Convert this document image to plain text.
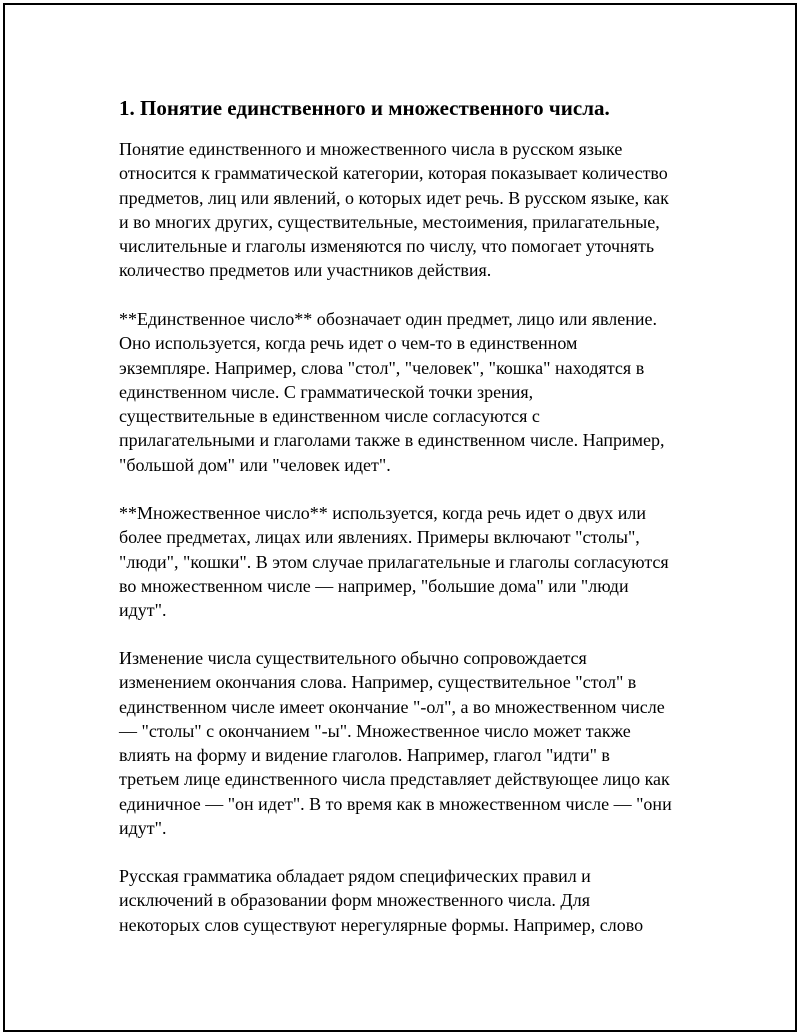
1. Понятие единственного и множественного числа.
Понятие единственного и множественного числа в русском языке
относится к грамматической категории, которая показывает количество
предметов, лиц или явлений, о которых идет речь. В русском языке, как
и во многих других, существительные, местоимения, прилагательные,
числительные и глаголы изменяются по числу, что помогает уточнять
количество предметов или участников действия.
**Единственное число** обозначает один предмет, лицо или явление.
Оно используется, когда речь идет о чем-то в единственном
экземпляре. Например, слова "стол", "человек", "кошка" находятся в
единственном числе. С грамматической точки зрения,
существительные в единственном числе согласуются с
прилагательными и глаголами также в единственном числе. Например,
"большой дом" или "человек идет".
**Множественное число** используется, когда речь идет о двух или
более предметах, лицах или явлениях. Примеры включают "столы",
"люди", "кошки". В этом случае прилагательные и глаголы согласуются
во множественном числе — например, "большие дома" или "люди
идут".
Изменение числа существительного обычно сопровождается
изменением окончания слова. Например, существительное "стол" в
единственном числе имеет окончание "-ол", а во множественном числе
— "столы" с окончанием "-ы". Множественное число может также
влиять на форму и видение глаголов. Например, глагол "идти" в
третьем лице единственного числа представляет действующее лицо как
единичное — "он идет". В то время как в множественном числе — "они
идут".
Русская грамматика обладает рядом специфических правил и
исключений в образовании форм множественного числа. Для
некоторых слов существуют нерегулярные формы. Например, слово
